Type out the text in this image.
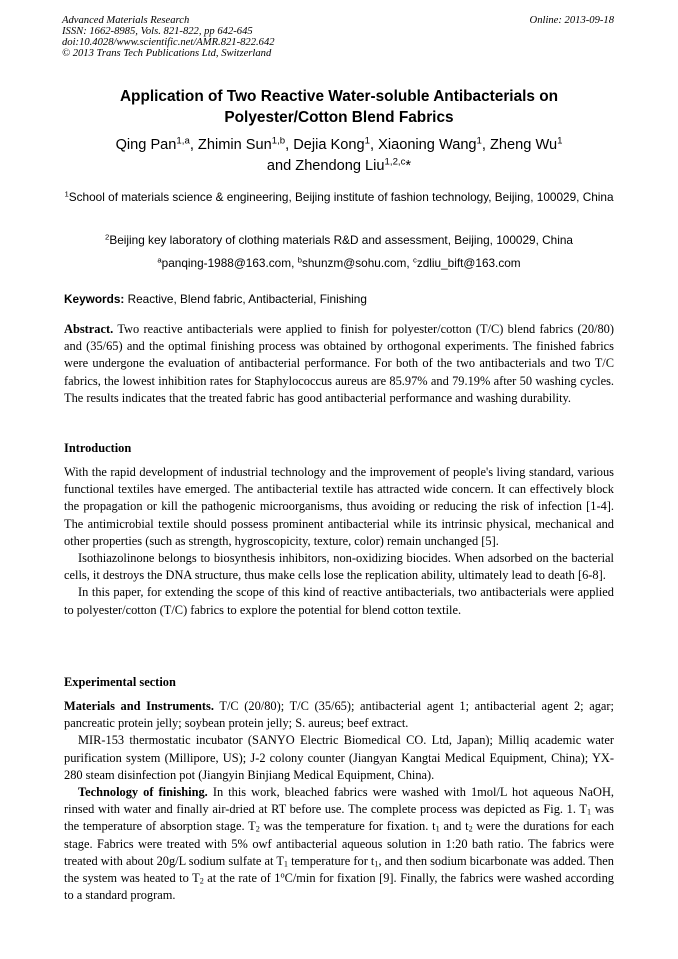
Advanced Materials Research
ISSN: 1662-8985, Vols. 821-822, pp 642-645
doi:10.4028/www.scientific.net/AMR.821-822.642
© 2013 Trans Tech Publications Ltd, Switzerland
Online: 2013-09-18
Application of Two Reactive Water-soluble Antibacterials on
Polyester/Cotton Blend Fabrics
Qing Pan$^{1,a}$, Zhimin Sun$^{1,b}$, Dejia Kong$^1$, Xiaoning Wang$^1$, Zheng Wu$^1$
and Zhendong Liu$^{1,2,c}$*
$^1$School of materials science & engineering, Beijing institute of fashion technology, Beijing, 100029, China
$^2$Beijing key laboratory of clothing materials R&D and assessment, Beijing, 100029, China
$^a$panqing-1988@163.com, $^b$shunzm@sohu.com, $^c$zdliu_bift@163.com
Keywords: Reactive, Blend fabric, Antibacterial, Finishing

Abstract. Two reactive antibacterials were applied to finish for polyester/cotton (T/C) blend fabrics (20/80) and (35/65) and the optimal finishing process was obtained by orthogonal experiments. The finished fabrics were undergone the evaluation of antibacterial performance. For both of the two antibacterials and two T/C fabrics, the lowest inhibition rates for Staphylococcus aureus are 85.97% and 79.19% after 50 washing cycles. The results indicates that the treated fabric has good antibacterial performance and washing durability.

Introduction

With the rapid development of industrial technology and the improvement of people's living standard, various functional textiles have emerged. The antibacterial textile has attracted wide concern. It can effectively block the propagation or kill the pathogenic microorganisms, thus avoiding or reducing the risk of infection [1-4]. The antimicrobial textile should possess prominent antibacterial while its intrinsic physical, mechanical and other properties (such as strength, hygroscopicity, texture, color) remain unchanged [5].

Isothiazolinone belongs to biosynthesis inhibitors, non-oxidizing biocides. When adsorbed on the bacterial cells, it destroys the DNA structure, thus make cells lose the replication ability, ultimately lead to death [6-8].

In this paper, for extending the scope of this kind of reactive antibacterials, two antibacterials were applied to polyester/cotton (T/C) fabrics to explore the potential for blend cotton textile.

Experimental section

Materials and Instruments. T/C (20/80); T/C (35/65); antibacterial agent 1; antibacterial agent 2; agar; pancreatic protein jelly; soybean protein jelly; S. aureus; beef extract.

MIR-153 thermostatic incubator (SANYO Electric Biomedical CO. Ltd, Japan); Milliq academic water purification system (Millipore, US); J-2 colony counter (Jiangyan Kangtai Medical Equipment, China); YX- 280 steam disinfection pot (Jiangyin Binjiang Medical Equipment, China).

Technology of finishing. In this work, bleached fabrics were washed with 1mol/L hot aqueous NaOH, rinsed with water and finally air-dried at RT before use. The complete process was depicted as Fig. 1. $T_1$ was the temperature of absorption stage. $T_2$ was the temperature for fixation. $t_1$ and $t_2$ were the durations for each stage. Fabrics were treated with 5% owf antibacterial aqueous solution in 1:20 bath ratio. The fabrics were treated with about 20g/L sodium sulfate at $T_1$ temperature for $t_1$, and then sodium bicarbonate was added. Then the system was heated to $T_2$ at the rate of 1$^o$C/min for fixation [9]. Finally, the fabrics were washed according to a standard program.
